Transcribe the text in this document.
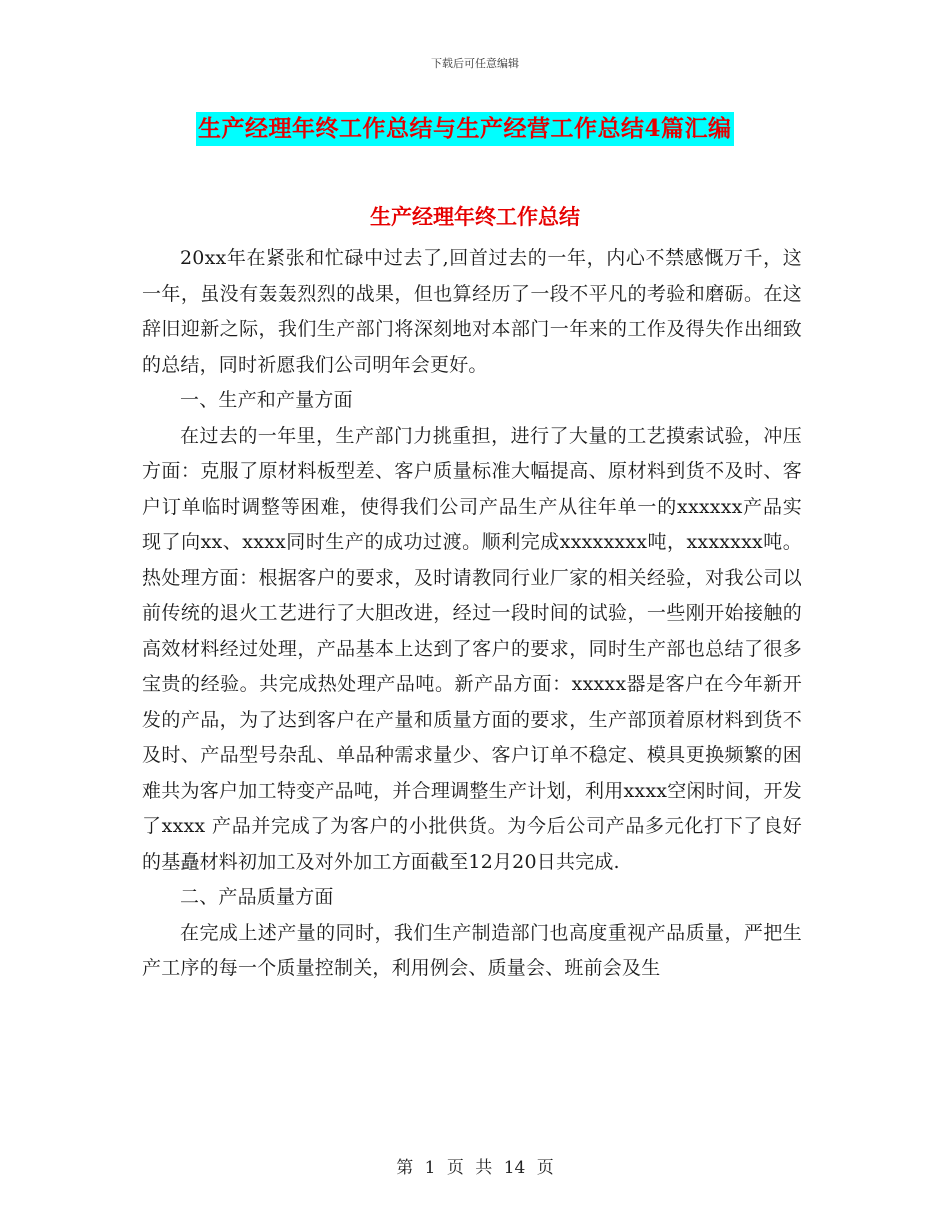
下载后可任意编辑
生产经理年终工作总结与生产经营工作总结4篇汇编
生产经理年终工作总结

20xx年在紧张和忙碌中过去了,回首过去的一年，内心不禁感慨万千，这一年，虽没有轰轰烈烈的战果，但也算经历了一段不平凡的考验和磨砺。在这辞旧迎新之际，我们生产部门将深刻地对本部门一年来的工作及得失作出细致的总结，同时祈愿我们公司明年会更好。

一、生产和产量方面

在过去的一年里，生产部门力挑重担，进行了大量的工艺摸索试验，冲压方面：克服了原材料板型差、客户质量标准大幅提高、原材料到货不及时、客户订单临时调整等困难，使得我们公司产品生产从往年单一的xxxxxx产品实现了向xx、xxxx同时生产的成功过渡。顺利完成xxxxxxxx吨，xxxxxxx吨。热处理方面：根据客户的要求，及时请教同行业厂家的相关经验，对我公司以前传统的退火工艺进行了大胆改进，经过一段时间的试验，一些刚开始接触的高效材料经过处理，产品基本上达到了客户的要求，同时生产部也总结了很多宝贵的经验。共完成热处理产品吨。新产品方面：xxxxx器是客户在今年新开发的产品，为了达到客户在产量和质量方面的要求，生产部顶着原材料到货不及时、产品型号杂乱、单品种需求量少、客户订单不稳定、模具更换频繁的困难共为客户加工特变产品吨，并合理调整生产计划，利用xxxx空闲时间，开发了xxxx 产品并完成了为客户的小批供货。为今后公司产品多元化打下了良好的基矗材料初加工及对外加工方面截至12月20日共完成.

二、产品质量方面

在完成上述产量的同时，我们生产制造部门也高度重视产品质量，严把生产工序的每一个质量控制关，利用例会、质量会、班前会及生

第 1 页 共 14 页
